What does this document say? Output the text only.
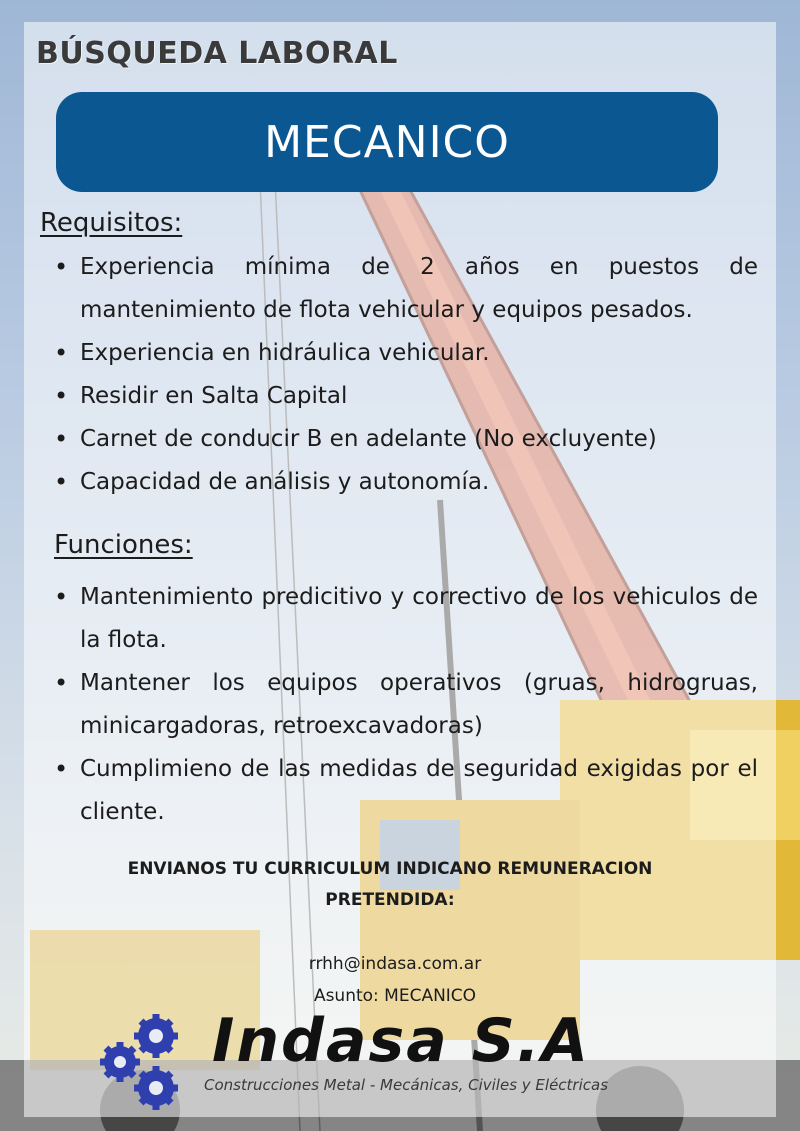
BÚSQUEDA LABORAL
MECANICO
Requisitos:
• Experiencia mínima de 2 años en puestos de mantenimiento de flota vehicular y equipos pesados.
• Experiencia en hidráulica vehicular.
• Residir en Salta Capital
• Carnet de conducir B en adelante (No excluyente)
• Capacidad de análisis y autonomía.
Funciones:
• Mantenimiento predicitivo y correctivo de los vehiculos de la flota.
• Mantener los equipos operativos (gruas, hidrogruas, minicargadoras, retroexcavadoras)
• Cumplimieno de las medidas de seguridad exigidas por el cliente.
ENVIANOS TU CURRICULUM INDICANO REMUNERACION
PRETENDIDA:
rrhh@indasa.com.ar
Asunto: MECANICO
Indasa S.A
Construcciones Metal - Mecánicas, Civiles y Eléctricas
